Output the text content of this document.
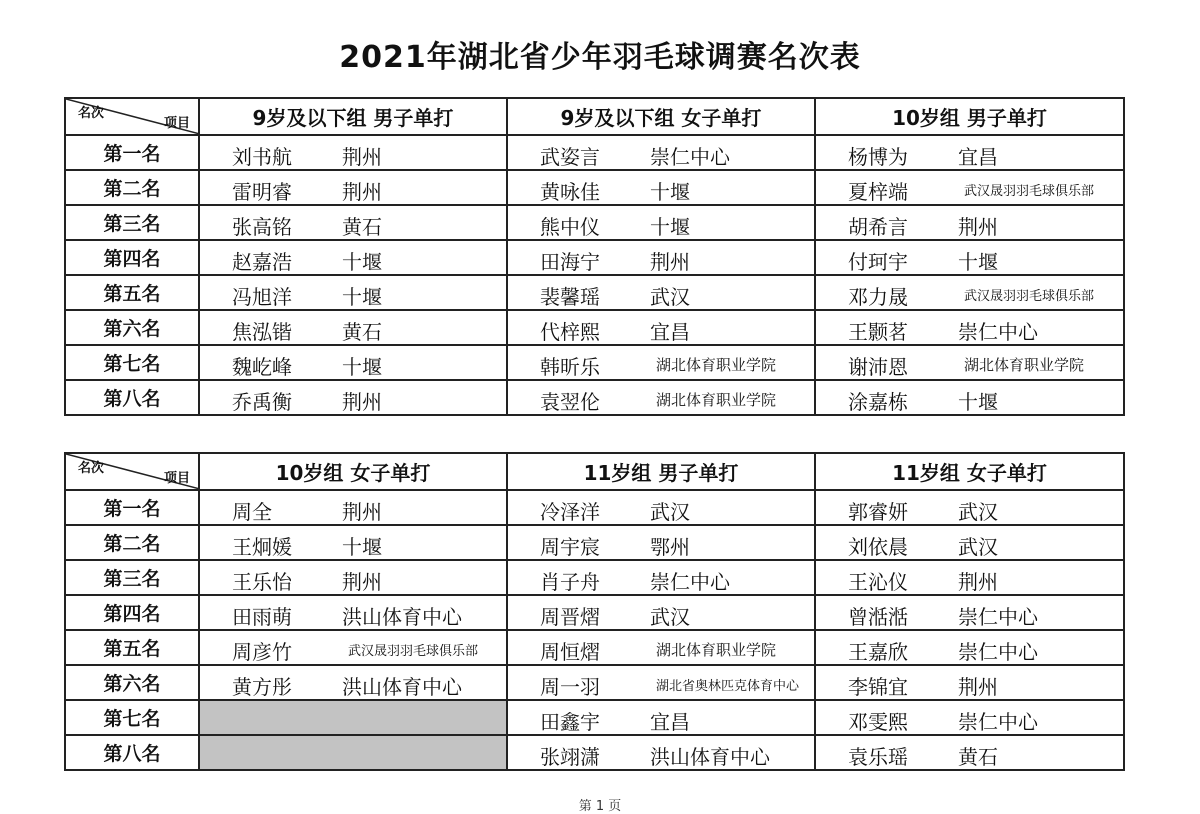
2021年湖北省少年羽毛球调赛名次表
名次
项目	9岁及以下组 男子单打	9岁及以下组 女子单打	10岁组 男子单打
第一名	刘书航 荆州	武姿言 崇仁中心	杨博为 宜昌

第二名	雷明睿 荆州	黄咏佳 十堰	夏梓端 武汉晟羽羽毛球俱乐部

第三名	张高铭 黄石	熊中仪 十堰	胡希言 荆州

第四名	赵嘉浩 十堰	田海宁 荆州	付珂宇 十堰

第五名	冯旭洋 十堰	裴馨瑶 武汉	邓力晟 武汉晟羽羽毛球俱乐部

第六名	焦泓锴 黄石	代梓熙 宜昌	王颢茗 崇仁中心

第七名	魏屹峰 十堰	韩昕乐 湖北体育职业学院	谢沛恩 湖北体育职业学院

第八名	乔禹衡 荆州	袁翌伦 湖北体育职业学院	涂嘉栋 十堰
名次
项目	10岁组 女子单打	11岁组 男子单打	11岁组 女子单打
第一名	周全 荆州	冷泽洋 武汉	郭睿妍 武汉

第二名	王炯媛 十堰	周宇宸 鄂州	刘依晨 武汉

第三名	王乐怡 荆州	肖子舟 崇仁中心	王沁仪 荆州

第四名	田雨萌 洪山体育中心	周晋熠 武汉	曾湉湉 崇仁中心

第五名	周彦竹 武汉晟羽羽毛球俱乐部	周恒熠 湖北体育职业学院	王嘉欣 崇仁中心

第六名	黄方彤 洪山体育中心	周一羽 湖北省奥林匹克体育中心	李锦宜 荆州

第七名		田鑫宇 宜昌	邓雯熙 崇仁中心

第八名		张翊潇 洪山体育中心	袁乐瑶 黄石
第 1 页
